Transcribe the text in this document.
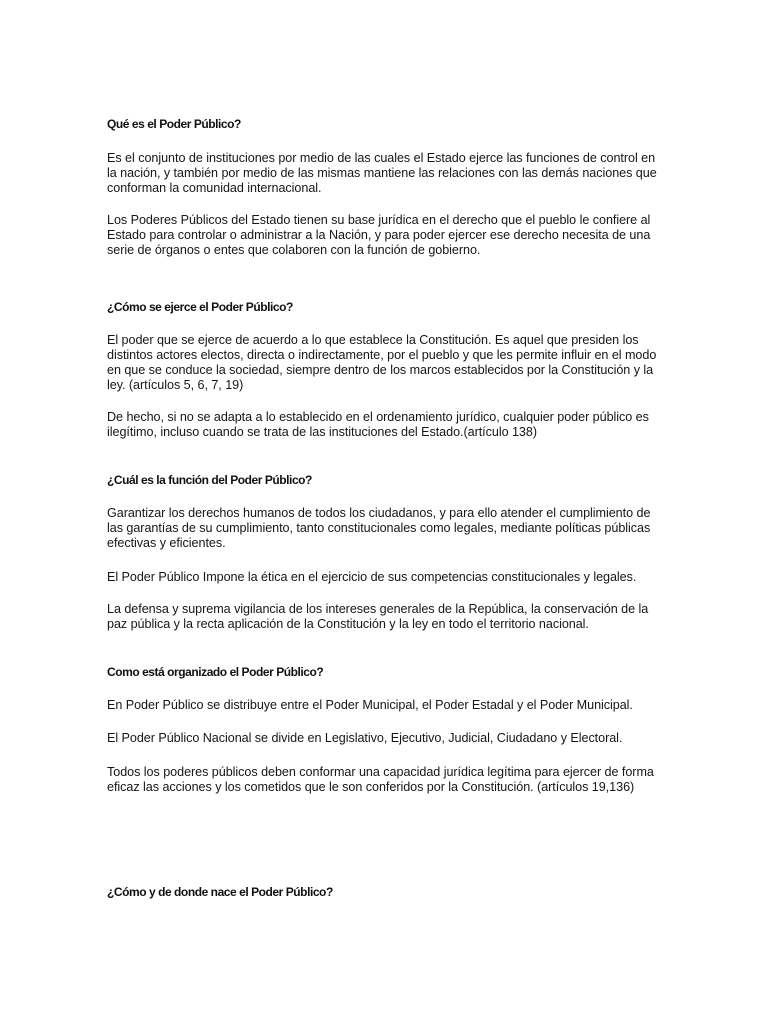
Qué es el Poder Público?

Es el conjunto de instituciones por medio de las cuales el Estado ejerce las funciones de control en la nación, y también por medio de las mismas mantiene las relaciones con las demás naciones que conforman la comunidad internacional.

Los Poderes Públicos del Estado tienen su base jurídica en el derecho que el pueblo le confiere al Estado para controlar o administrar a la Nación, y para poder ejercer ese derecho necesita de una serie de órganos o entes que colaboren con la función de gobierno.

¿Cómo se ejerce el Poder Público?

El poder que se ejerce de acuerdo a lo que establece la Constitución. Es aquel que presiden los distintos actores electos, directa o indirectamente, por el pueblo y que les permite influir en el modo en que se conduce la sociedad, siempre dentro de los marcos establecidos por la Constitución y la ley. (artículos 5, 6, 7, 19)

De hecho, si no se adapta a lo establecido en el ordenamiento jurídico, cualquier poder público es ilegítimo, incluso cuando se trata de las instituciones del Estado.(artículo 138)

¿Cuál es la función del Poder Público?

Garantizar los derechos humanos de todos los ciudadanos, y para ello atender el cumplimiento de las garantías de su cumplimiento, tanto constitucionales como legales, mediante políticas públicas efectivas y eficientes.

El Poder Público Impone la ética en el ejercicio de sus competencias constitucionales y legales.

La defensa y suprema vigilancia de los intereses generales de la República, la conservación de la paz pública y la recta aplicación de la Constitución y la ley en todo el territorio nacional.

Como está organizado el Poder Público?

En Poder Público se distribuye entre el Poder Municipal, el Poder Estadal y el Poder Municipal.

El Poder Público Nacional se divide en Legislativo, Ejecutivo, Judicial, Ciudadano y Electoral.

Todos los poderes públicos deben conformar una capacidad jurídica legítima para ejercer de forma eficaz las acciones y los cometidos que le son conferidos por la Constitución. (artículos 19,136)

¿Cómo y de donde nace el Poder Público?
